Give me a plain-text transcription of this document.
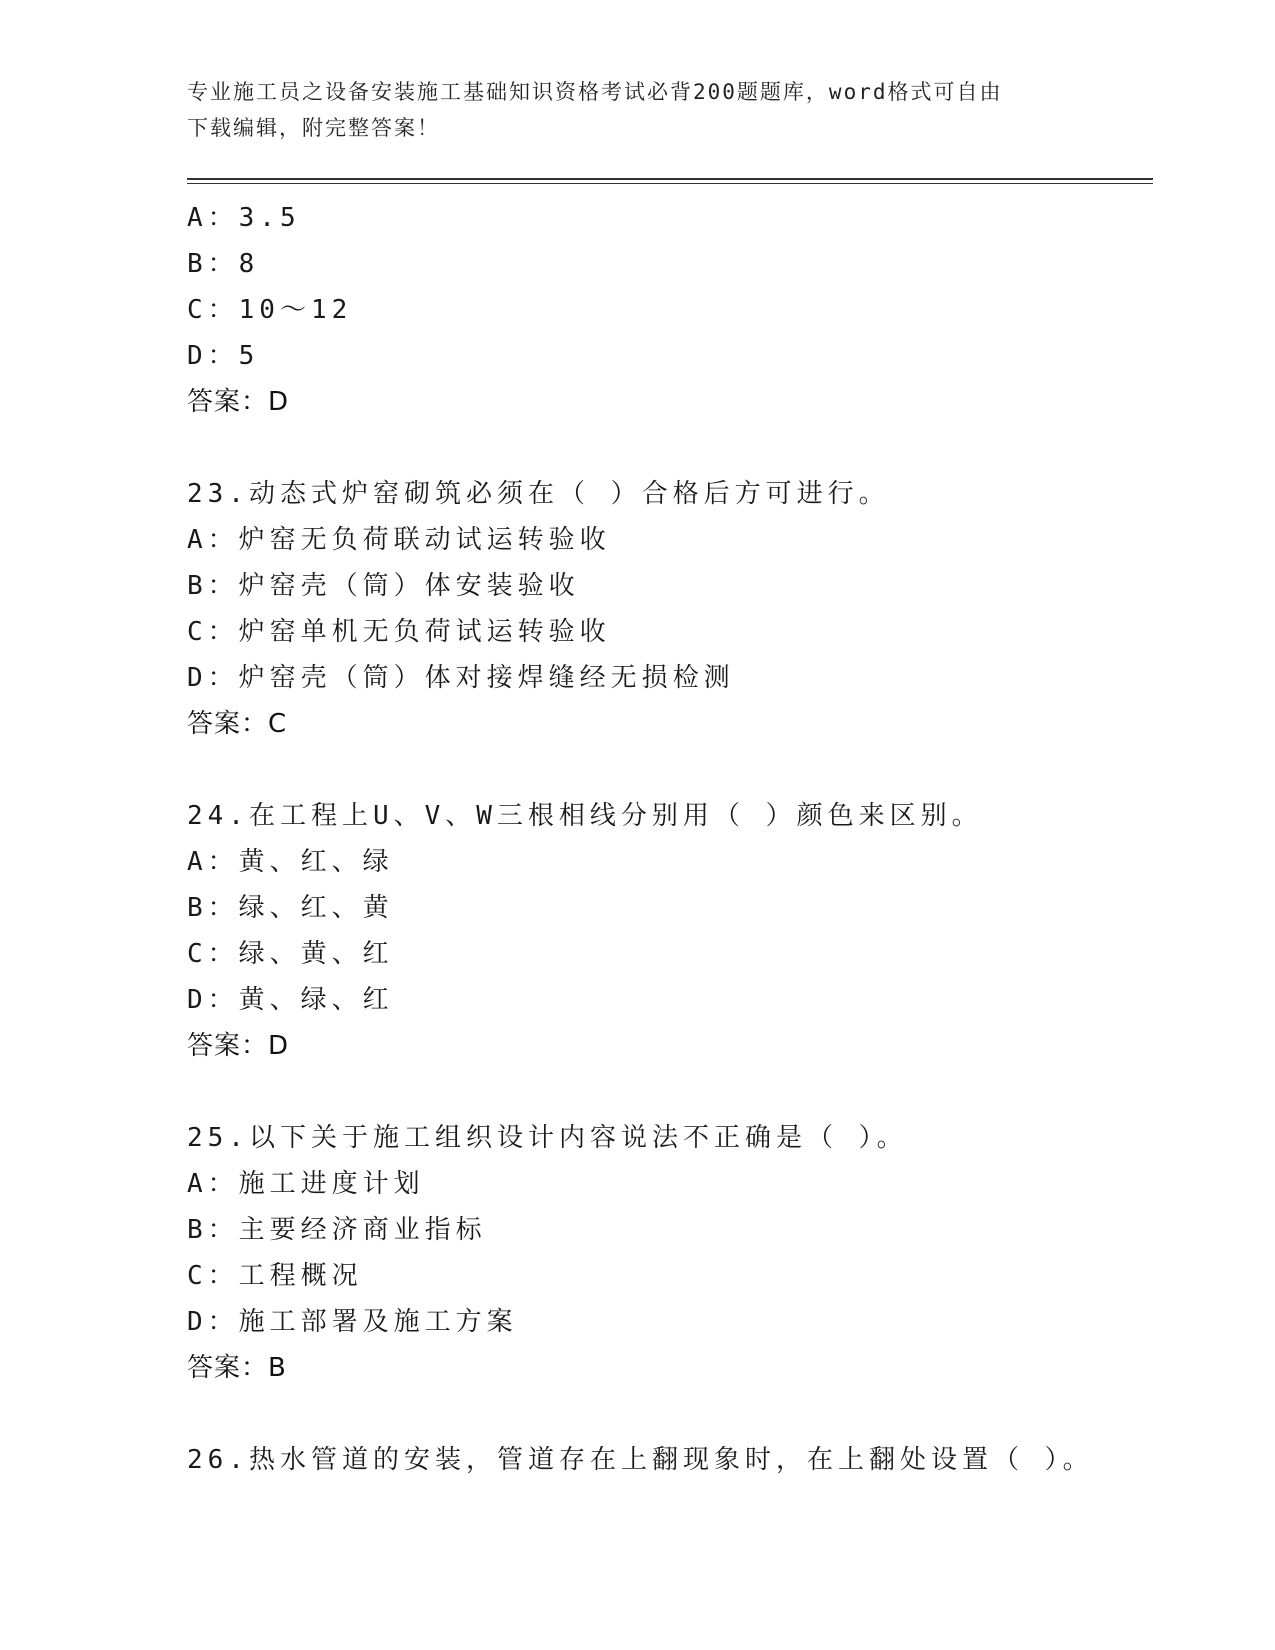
专业施工员之设备安装施工基础知识资格考试必背200题题库，word格式可自由
下载编辑，附完整答案！
A：3.5
B：8
C：10～12
D：5
答案：D
23.动态式炉窑砌筑必须在（ ）合格后方可进行。
A：炉窑无负荷联动试运转验收
B：炉窑壳（筒）体安装验收
C：炉窑单机无负荷试运转验收
D：炉窑壳（筒）体对接焊缝经无损检测
答案：C
24.在工程上U、V、W三根相线分别用（ ）颜色来区别。
A：黄、红、绿
B：绿、红、黄
C：绿、黄、红
D：黄、绿、红
答案：D
25.以下关于施工组织设计内容说法不正确是（ ）。
A：施工进度计划
B：主要经济商业指标
C：工程概况
D：施工部署及施工方案
答案：B
26.热水管道的安装，管道存在上翻现象时，在上翻处设置（ ）。
